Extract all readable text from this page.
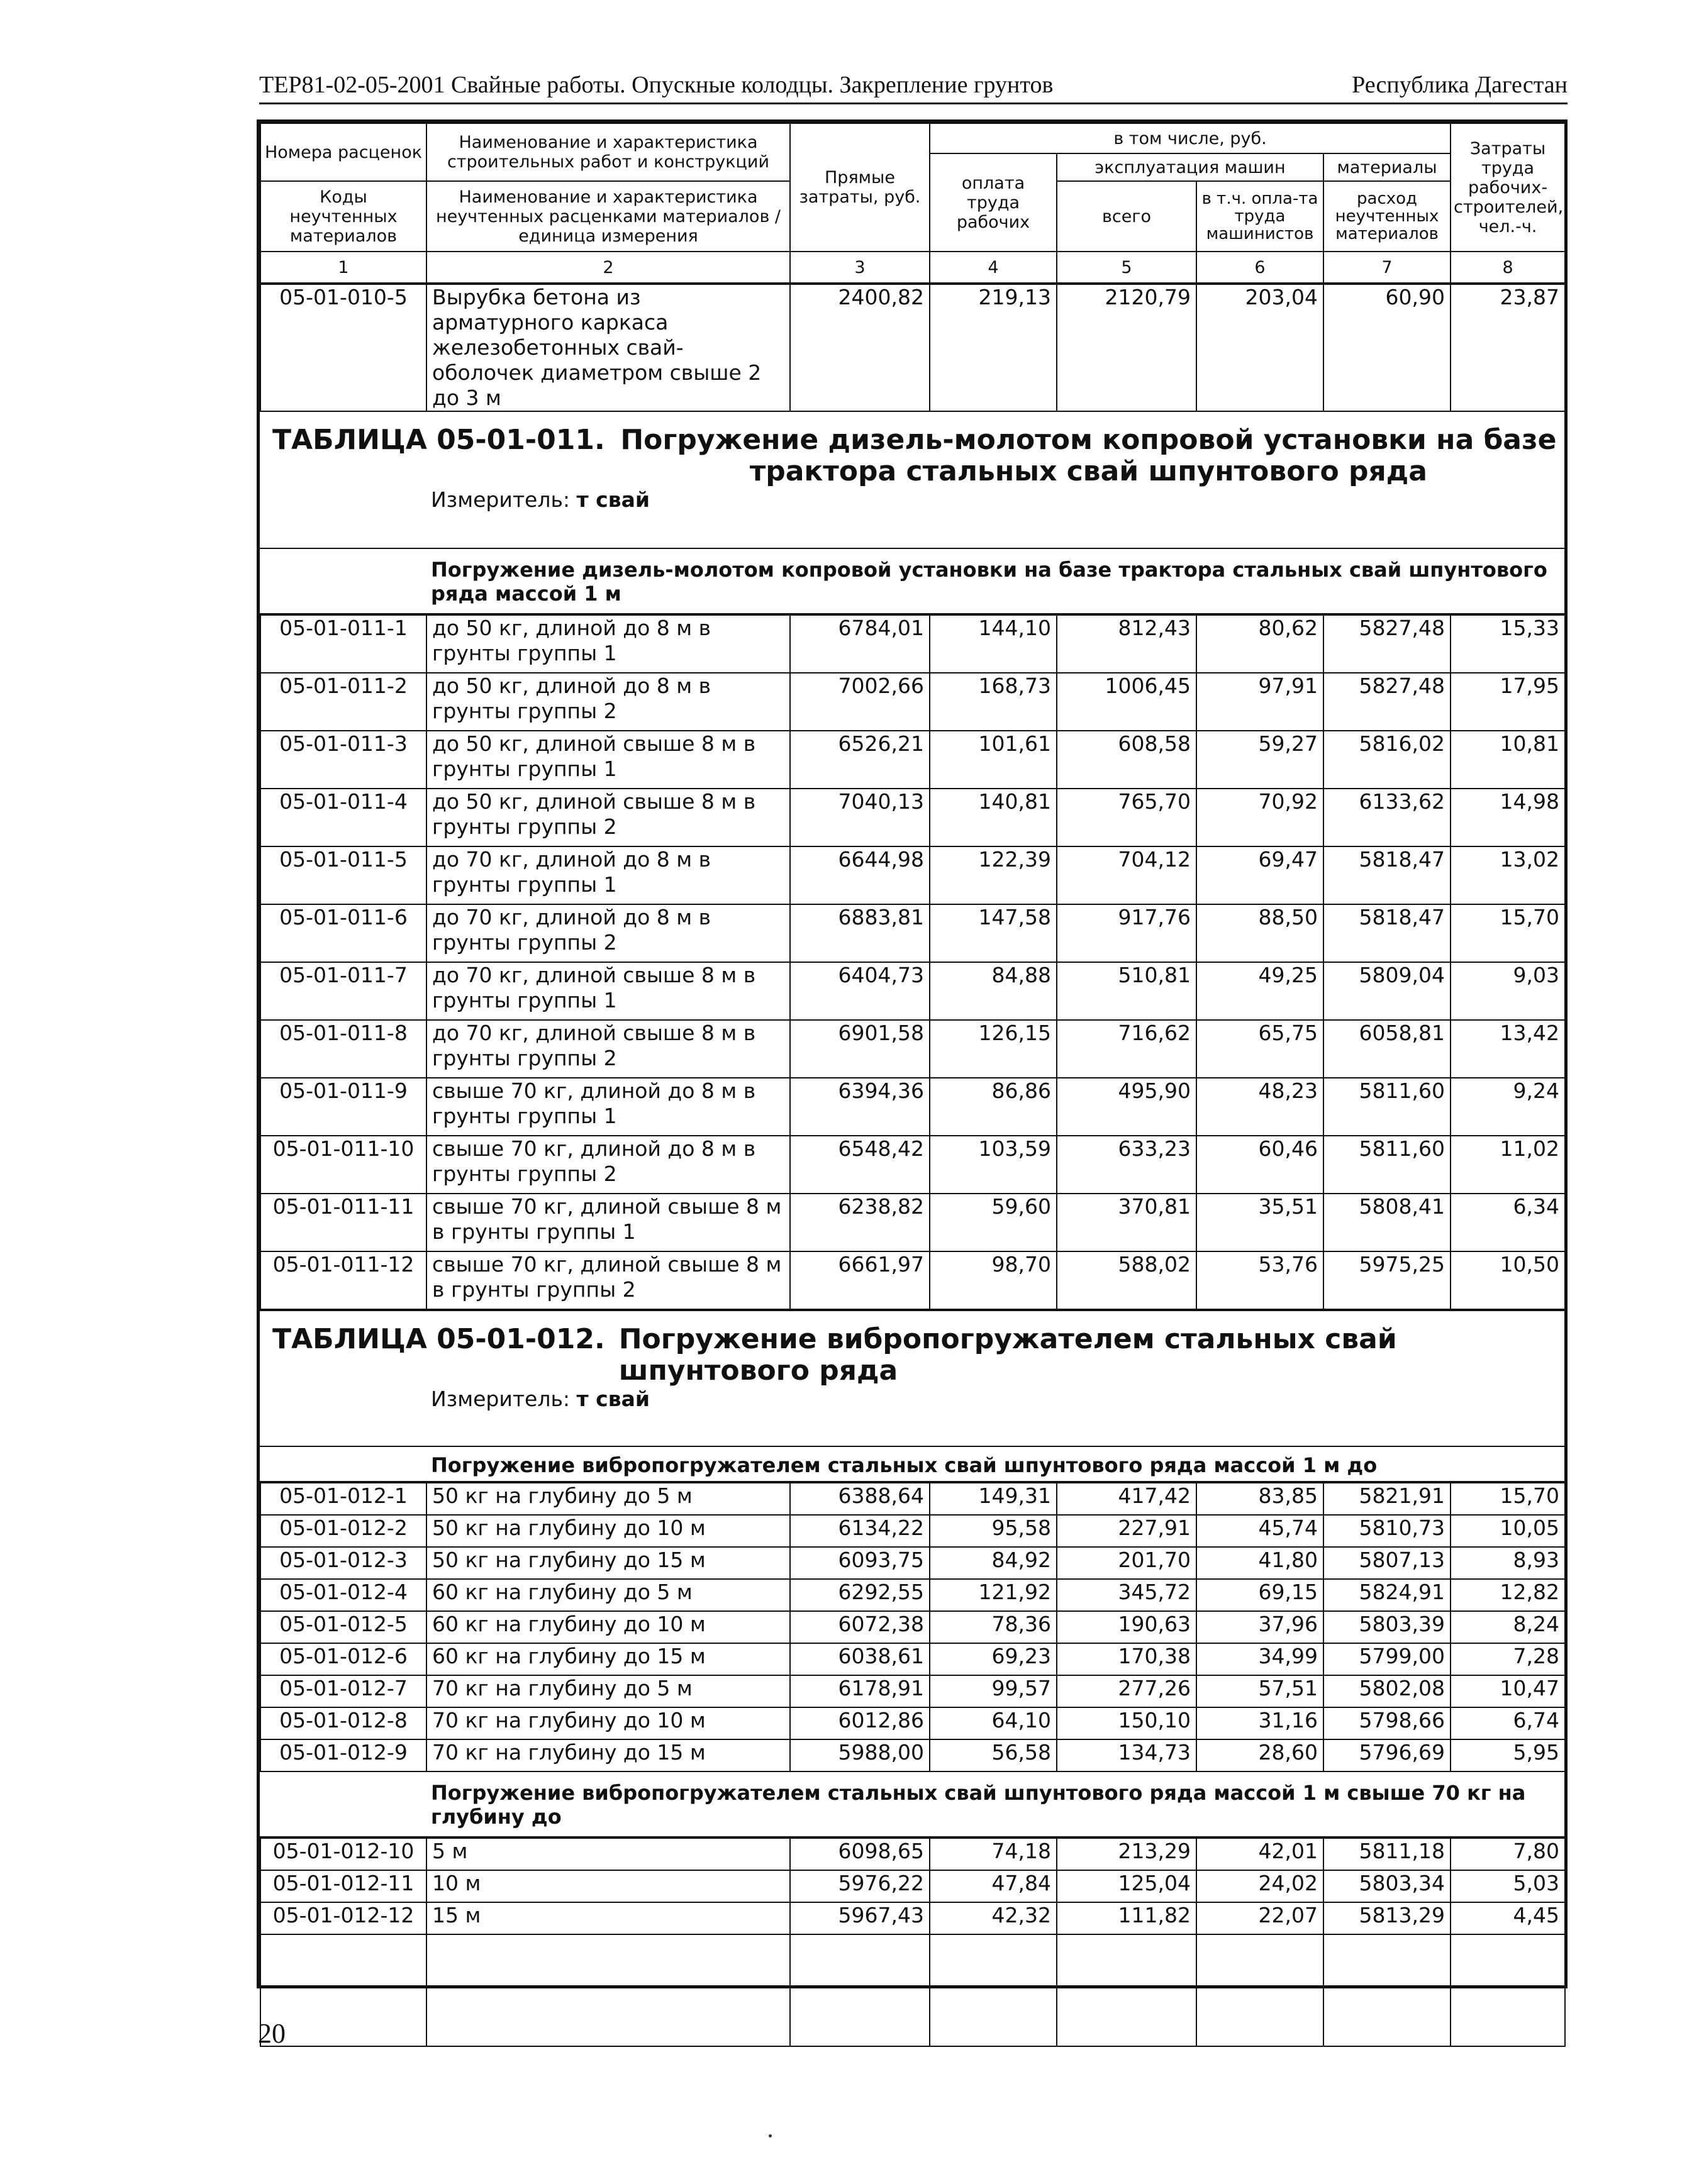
ТЕР81-02-05-2001 Свайные работы. Опускные колодцы. Закрепление грунтов	Республика Дагестан
Номера расценок	Наименование и характеристика строительных работ и конструкций	Прямые затраты, руб.	в том числе, руб.				Затраты труда рабочих-строителей, чел.-ч.
			оплата труда рабочих	эксплуатация машин		материалы	
Коды неучтенных материалов	Наименование и характеристика неучтенных расценками материалов / единица измерения			всего	в т.ч. опла-та труда машинистов	расход неучтенных материалов	

1	2	3	4	5	6	7	8
05-01-010-5	Вырубка бетона из арматурного каркаса железобетонных свай-оболочек диаметром свыше 2 до 3 м	2400,82	219,13	2120,79	203,04	60,90	23,87
ТАБЛИЦА 05-01-011. Погружение дизель-молотом копровой установки на базе трактора стальных свай шпунтового ряда
Измеритель: т свай
Погружение дизель-молотом копровой установки на базе трактора стальных свай шпунтового ряда массой 1 м
05-01-011-1	до 50 кг, длиной до 8 м в грунты группы 1	6784,01	144,10	812,43	80,62	5827,48	15,33
05-01-011-2	до 50 кг, длиной до 8 м в грунты группы 2	7002,66	168,73	1006,45	97,91	5827,48	17,95
05-01-011-3	до 50 кг, длиной свыше 8 м в грунты группы 1	6526,21	101,61	608,58	59,27	5816,02	10,81
05-01-011-4	до 50 кг, длиной свыше 8 м в грунты группы 2	7040,13	140,81	765,70	70,92	6133,62	14,98
05-01-011-5	до 70 кг, длиной до 8 м в грунты группы 1	6644,98	122,39	704,12	69,47	5818,47	13,02
05-01-011-6	до 70 кг, длиной до 8 м в грунты группы 2	6883,81	147,58	917,76	88,50	5818,47	15,70
05-01-011-7	до 70 кг, длиной свыше 8 м в грунты группы 1	6404,73	84,88	510,81	49,25	5809,04	9,03
05-01-011-8	до 70 кг, длиной свыше 8 м в грунты группы 2	6901,58	126,15	716,62	65,75	6058,81	13,42
05-01-011-9	свыше 70 кг, длиной до 8 м в грунты группы 1	6394,36	86,86	495,90	48,23	5811,60	9,24
05-01-011-10	свыше 70 кг, длиной до 8 м в грунты группы 2	6548,42	103,59	633,23	60,46	5811,60	11,02
05-01-011-11	свыше 70 кг, длиной свыше 8 м в грунты группы 1	6238,82	59,60	370,81	35,51	5808,41	6,34
05-01-011-12	свыше 70 кг, длиной свыше 8 м в грунты группы 2	6661,97	98,70	588,02	53,76	5975,25	10,50
ТАБЛИЦА 05-01-012. Погружение вибропогружателем стальных свай шпунтового ряда
Измеритель: т свай
Погружение вибропогружателем стальных свай шпунтового ряда массой 1 м до
05-01-012-1	50 кг на глубину до 5 м	6388,64	149,31	417,42	83,85	5821,91	15,70
05-01-012-2	50 кг на глубину до 10 м	6134,22	95,58	227,91	45,74	5810,73	10,05
05-01-012-3	50 кг на глубину до 15 м	6093,75	84,92	201,70	41,80	5807,13	8,93
05-01-012-4	60 кг на глубину до 5 м	6292,55	121,92	345,72	69,15	5824,91	12,82
05-01-012-5	60 кг на глубину до 10 м	6072,38	78,36	190,63	37,96	5803,39	8,24
05-01-012-6	60 кг на глубину до 15 м	6038,61	69,23	170,38	34,99	5799,00	7,28
05-01-012-7	70 кг на глубину до 5 м	6178,91	99,57	277,26	57,51	5802,08	10,47
05-01-012-8	70 кг на глубину до 10 м	6012,86	64,10	150,10	31,16	5798,66	6,74
05-01-012-9	70 кг на глубину до 15 м	5988,00	56,58	134,73	28,60	5796,69	5,95
Погружение вибропогружателем стальных свай шпунтового ряда массой 1 м свыше 70 кг на глубину до
05-01-012-10	5 м	6098,65	74,18	213,29	42,01	5811,18	7,80
05-01-012-11	10 м	5976,22	47,84	125,04	24,02	5803,34	5,03
05-01-012-12	15 м	5967,43	42,32	111,82	22,07	5813,29	4,45

20
